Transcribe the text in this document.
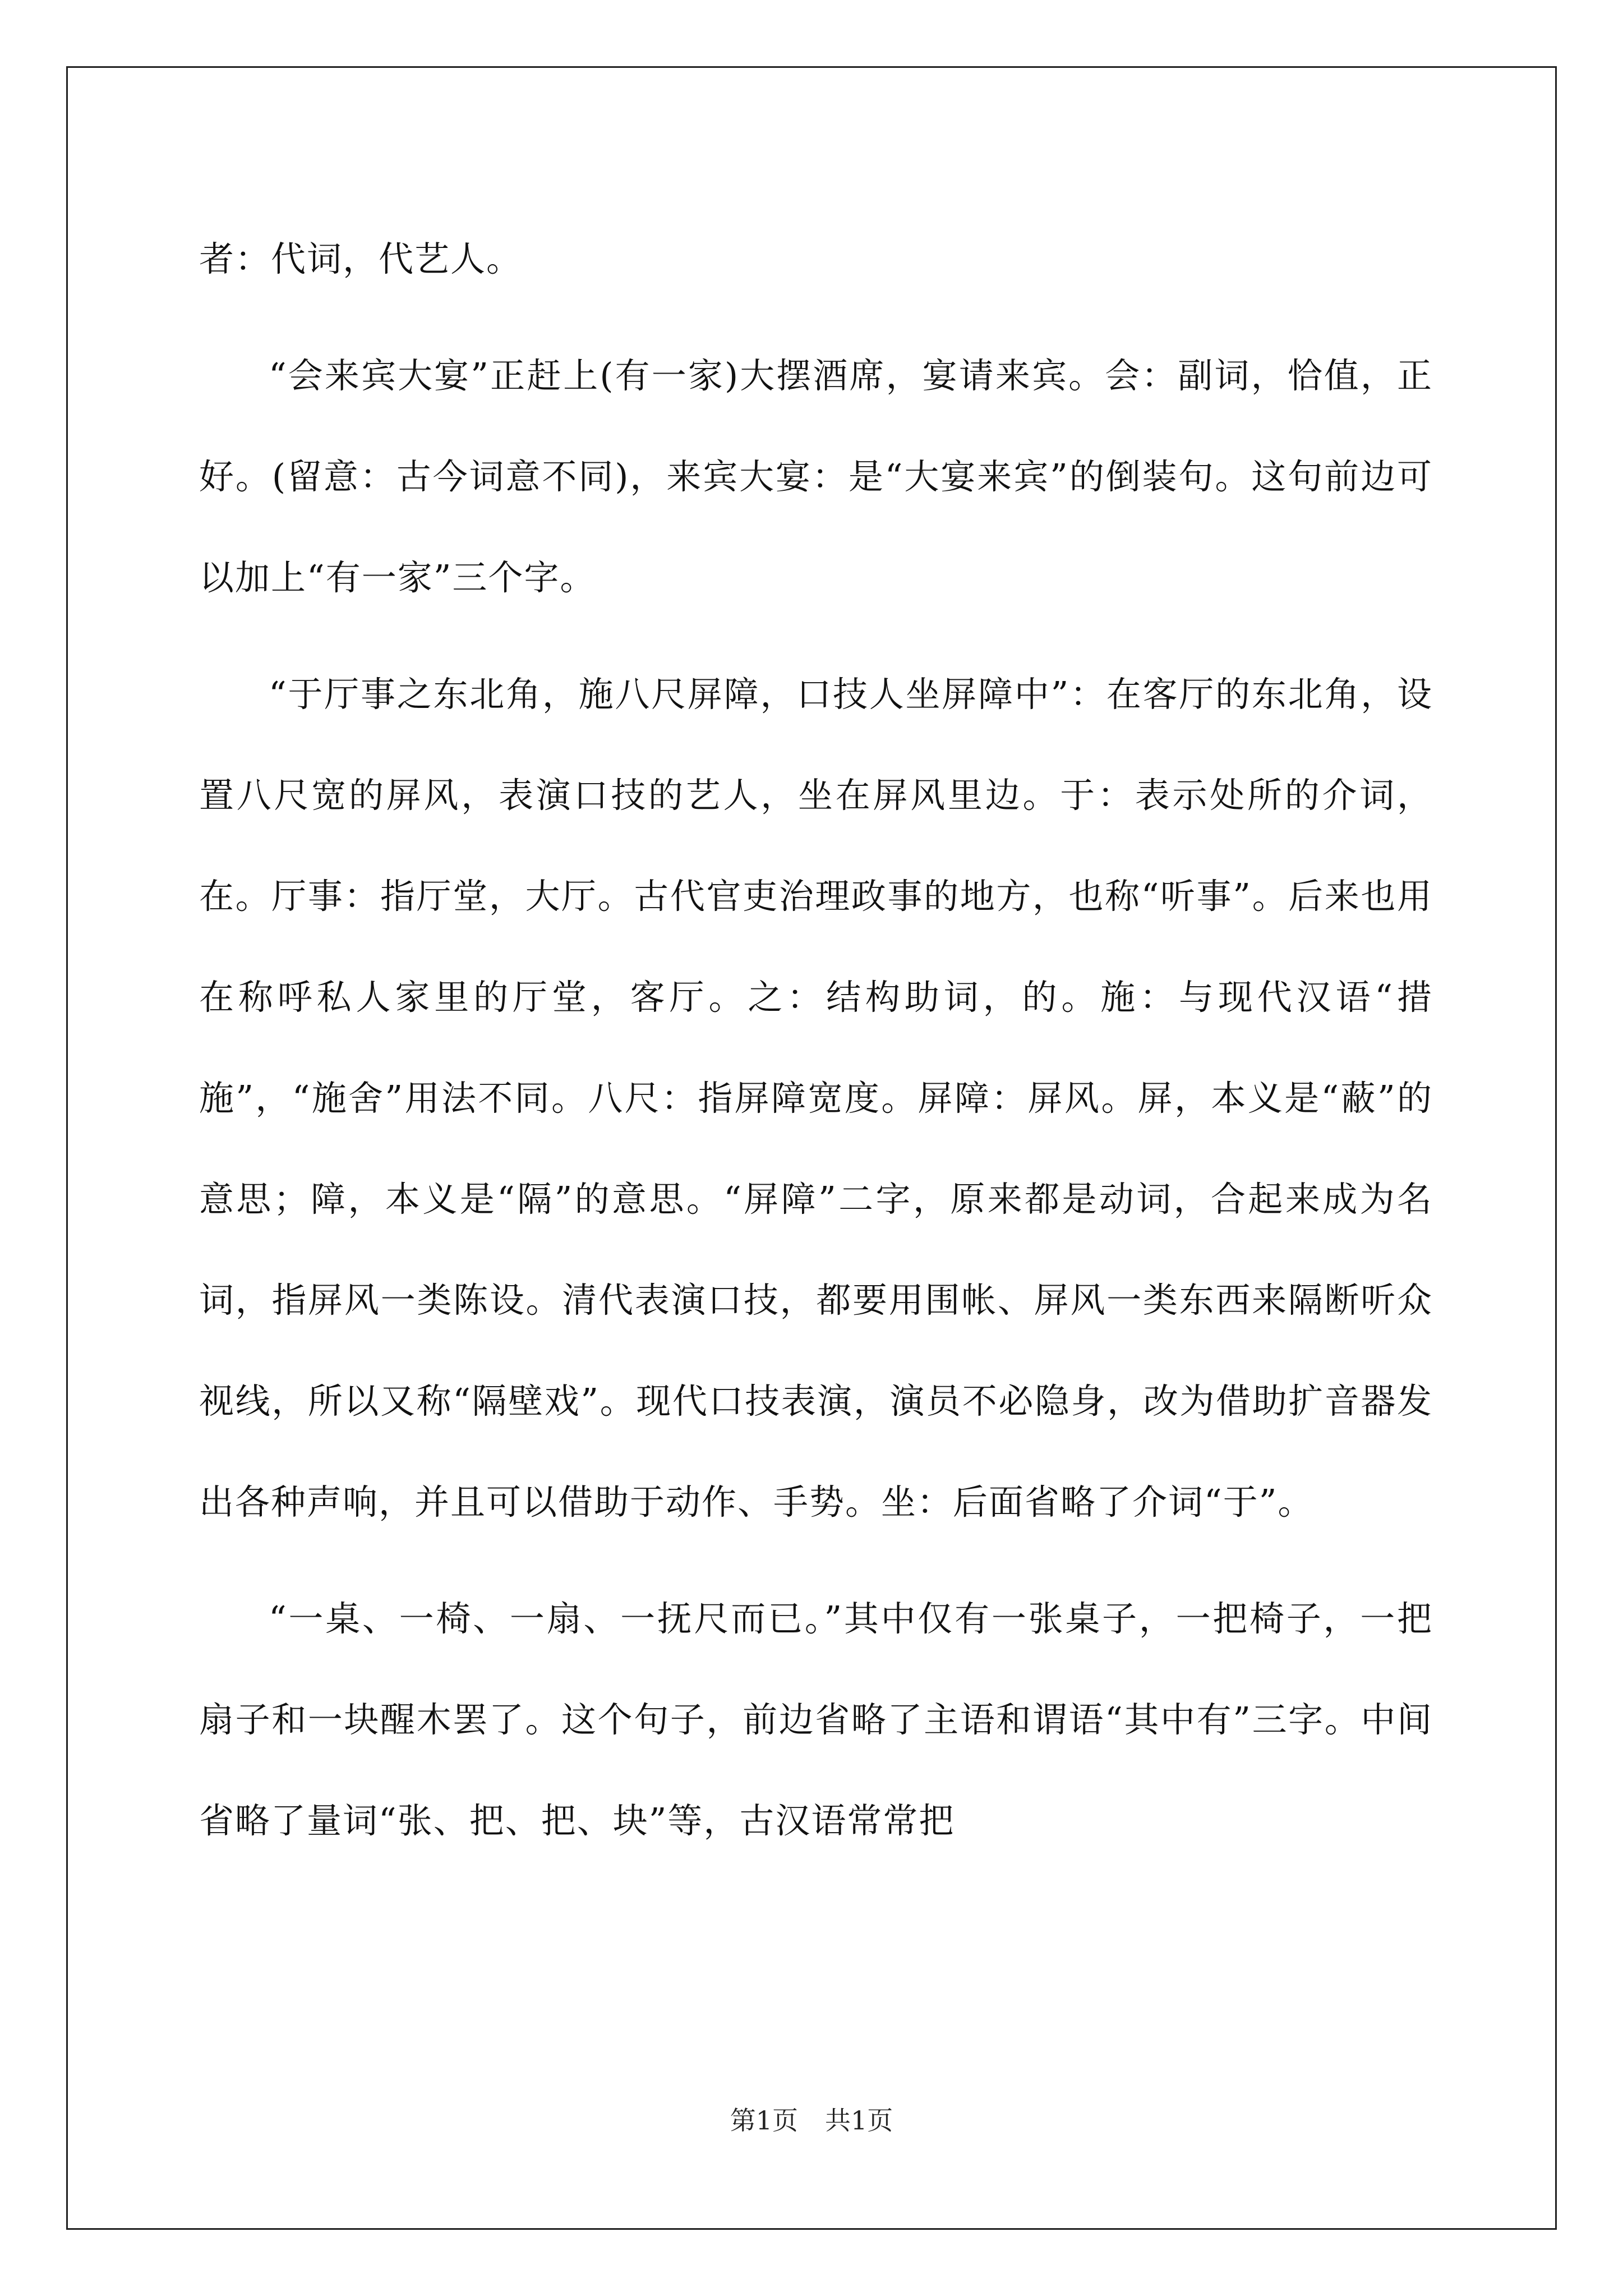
者：代词，代艺人。

“会来宾大宴”正赶上(有一家)大摆酒席，宴请来宾。会：副词，恰值，正好。(留意：古今词意不同)，来宾大宴：是“大宴来宾”的倒装句。这句前边可以加上“有一家”三个字。

“于厅事之东北角，施八尺屏障，口技人坐屏障中”：在客厅的东北角，设置八尺宽的屏风，表演口技的艺人，坐在屏风里边。于：表示处所的介词，在。厅事：指厅堂，大厅。古代官吏治理政事的地方，也称“听事”。后来也用在称呼私人家里的厅堂，客厅。之：结构助词，的。施：与现代汉语“措施”，“施舍”用法不同。八尺：指屏障宽度。屏障：屏风。屏，本义是“蔽”的意思；障，本义是“隔”的意思。“屏障”二字，原来都是动词，合起来成为名词，指屏风一类陈设。清代表演口技，都要用围帐、屏风一类东西来隔断听众视线，所以又称“隔壁戏”。现代口技表演，演员不必隐身，改为借助扩音器发出各种声响，并且可以借助于动作、手势。坐：后面省略了介词“于”。

“一桌、一椅、一扇、一抚尺而已。”其中仅有一张桌子，一把椅子，一把扇子和一块醒木罢了。这个句子，前边省略了主语和谓语“其中有”三字。中间省略了量词“张、把、把、块”等，古汉语常常把

第1页 共1页
